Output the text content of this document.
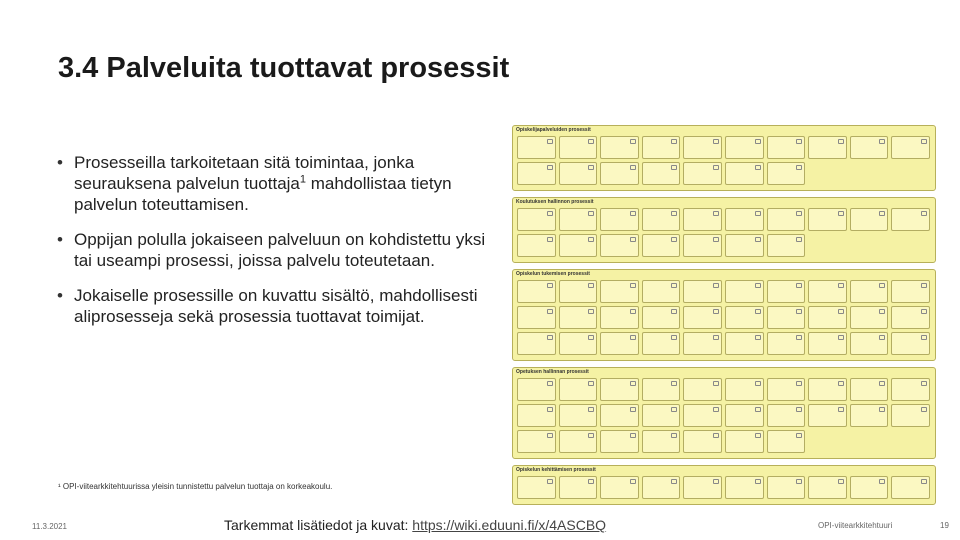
3.4 Palveluita tuottavat prosessit
• Prosesseilla tarkoitetaan sitä toimintaa, jonka seurauksena palvelun tuottaja$^1$ mahdollistaa tietyn palvelun toteuttamisen.
• Oppijan polulla jokaiseen palveluun on kohdistettu yksi tai useampi prosessi, joissa palvelu toteutetaan.
• Jokaiselle prosessille on kuvattu sisältö, mahdollisesti aliprosesseja sekä prosessia tuottavat toimijat.
Opiskelijapalveluiden prosessit
Koulutuksen hallinnon prosessit
Opiskelun tukemisen prosessit
Opetuksen hallinnan prosessit
Opiskelun kehittämisen prosessit
¹ OPI-viitearkkitehtuurissa yleisin tunnistettu palvelun tuottaja on korkeakoulu.
11.3.2021	Tarkemmat lisätiedot ja kuvat: https://wiki.eduuni.fi/x/4ASCBQ	OPI-viitearkkitehtuuri	19
